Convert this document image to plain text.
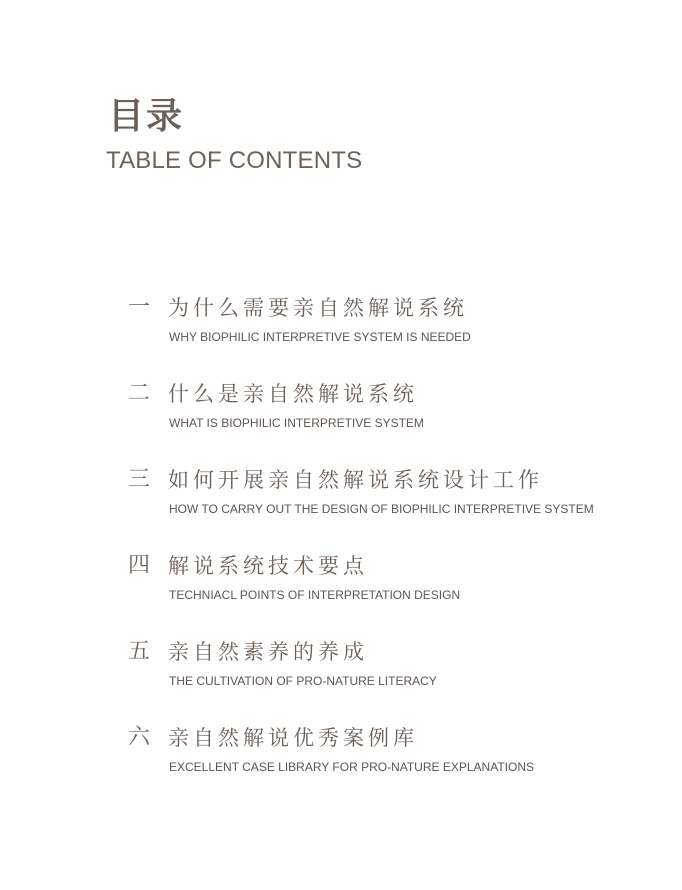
目录
TABLE OF CONTENTS
一 为什么需要亲自然解说系统
WHY BIOPHILIC INTERPRETIVE SYSTEM IS NEEDED
二 什么是亲自然解说系统
WHAT IS BIOPHILIC INTERPRETIVE SYSTEM
三 如何开展亲自然解说系统设计工作
HOW TO CARRY OUT THE DESIGN OF BIOPHILIC INTERPRETIVE SYSTEM
四 解说系统技术要点
TECHNIACL POINTS OF INTERPRETATION DESIGN
五 亲自然素养的养成
THE CULTIVATION OF PRO-NATURE LITERACY
六 亲自然解说优秀案例库
EXCELLENT CASE LIBRARY FOR PRO-NATURE EXPLANATIONS
